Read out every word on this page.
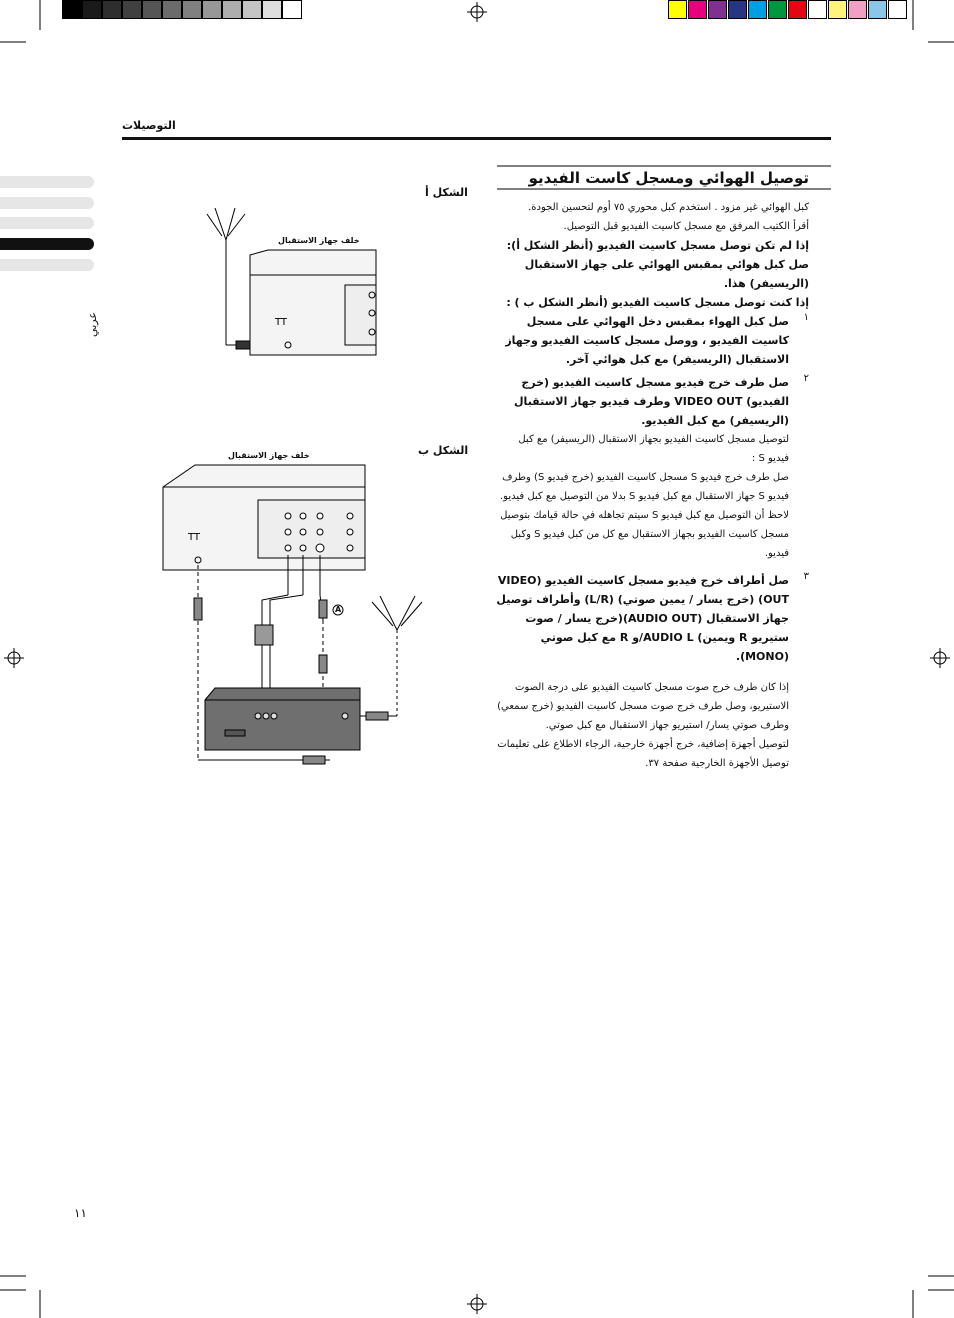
التوصيلات
عربي	TT
TT
الشكل أ
خلف جهاز الاستقبال
الشكل ب
خلف جهاز الاستقبال
A
توصيل الهوائي ومسجل كاست الفيديو

كبل الهوائي غير مزود . استخدم كبل محوري ٧٥ أوم لتحسين الجودة.

أقرأ الكتيب المرفق مع مسجل كاسيت الفيديو قبل التوصيل.

إذا لم تكن توصل مسجل كاسيت الفيديو (أنظر الشكل أ):

صل كبل هوائي بمقبس الهوائي على جهاز الاستقبال (الريسيفر) هذا.

إذا كنت توصل مسجل كاسيت الفيديو (أنظر الشكل ب ) :

١

صل كبل الهواء بمقبس دخل الهوائي على مسجل كاسيت الفيديو ، ووصل مسجل كاسيت الفيديو وجهاز الاستقبال (الريسيفر) مع كبل هوائي آخر.

٢

صل طرف خرج فيديو مسجل كاسيت الفيديو (خرج الفيديو) VIDEO OUT وطرف فيديو جهاز الاستقبال (الريسيفر) مع كبل الفيديو.

لتوصيل مسجل كاسيت الفيديو بجهاز الاستقبال (الريسيفر) مع كبل فيديو S :

صل طرف خرج فيديو S مسجل كاسيت الفيديو (خرج فيديو S) وطرف فيديو S جهاز الاستقبال مع كبل فيديو S بدلا من التوصيل مع كبل فيديو.

لاحظ أن التوصيل مع كبل فيديو S سيتم تجاهله في حالة قيامك بتوصيل مسجل كاسيت الفيديو بجهاز الاستقبال مع كل من كبل فيديو S وكبل فيديو.

٣

صل أطراف خرج فيديو مسجل كاسيت الفيديو (VIDEO OUT) (خرج يسار / يمين صوتي) (L/R) وأطراف توصيل جهاز الاستقبال (AUDIO OUT)(خرج يسار / صوت ستيريو R ويمين) AUDIO L/و R مع كبل صوتي (MONO).

إذا كان طرف خرج صوت مسجل كاسيت الفيديو على درجة الصوت الاستيريو، وصل طرف خرج صوت مسجل كاسيت الفيديو (خرج سمعي) وطرف صوتي يسار/ استيريو جهاز الاستقبال مع كبل صوتي.

لتوصيل أجهزة إضافية، خرج أجهزة خارجية، الرجاء الاطلاع على تعليمات توصيل الأجهزة الخارجية صفحة ٣٧.

١١
